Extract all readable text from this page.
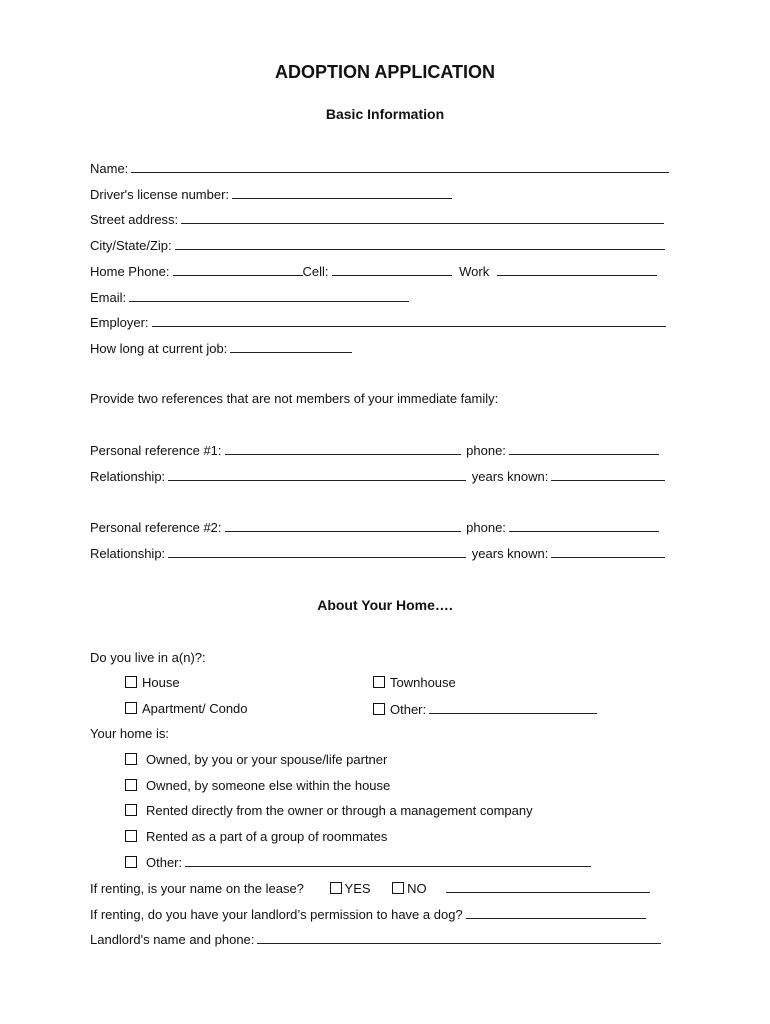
ADOPTION APPLICATION
Basic Information
Name:
Driver's license number:
Street address:
City/State/Zip:
Home Phone:	Cell:	Work
Email:
Employer:
How long at current job:
Provide two references that are not members of your immediate family:
Personal reference #1:	phone:
Relationship:	years known:
Personal reference #2:	phone:
Relationship:	years known:
About Your Home….
Do you live in a(n)?:
House	Townhouse
Apartment/ Condo	Other:
Your home is:
Owned, by you or your spouse/life partner
Owned, by someone else within the house
Rented directly from the owner or through a management company
Rented as a part of a group of roommates
Other:
If renting, is your name on the lease?	YES	NO
If renting, do you have your landlord’s permission to have a dog?
Landlord's name and phone:
